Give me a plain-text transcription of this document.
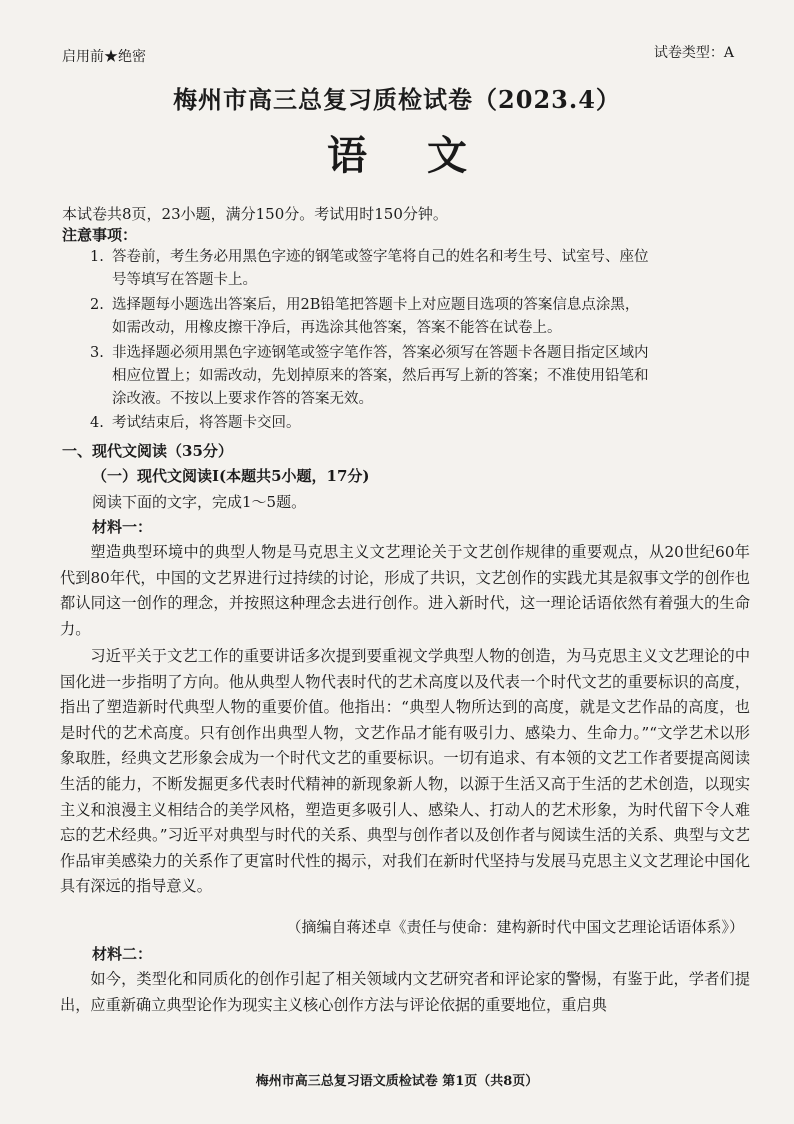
启用前★绝密	试卷类型：A
梅州市高三总复习质检试卷（2023.4）
语文
本试卷共8页，23小题，满分150分。考试用时150分钟。
注意事项：
1. 答卷前，考生务必用黑色字迹的钢笔或签字笔将自己的姓名和考生号、试室号、座位
号等填写在答题卡上。
2. 选择题每小题选出答案后，用2B铅笔把答题卡上对应题目选项的答案信息点涂黑，
如需改动，用橡皮擦干净后，再选涂其他答案，答案不能答在试卷上。
3. 非选择题必须用黑色字迹钢笔或签字笔作答，答案必须写在答题卡各题目指定区域内
相应位置上；如需改动，先划掉原来的答案，然后再写上新的答案；不准使用铅笔和
涂改液。不按以上要求作答的答案无效。
4. 考试结束后，将答题卡交回。
一、现代文阅读（35分）
（一）现代文阅读Ⅰ(本题共5小题，17分)
阅读下面的文字，完成1～5题。
材料一：

塑造典型环境中的典型人物是马克思主义文艺理论关于文艺创作规律的重要观点，从20世纪60年代到80年代，中国的文艺界进行过持续的讨论，形成了共识，文艺创作的实践尤其是叙事文学的创作也都认同这一创作的理念，并按照这种理念去进行创作。进入新时代，这一理论话语依然有着强大的生命力。

习近平关于文艺工作的重要讲话多次提到要重视文学典型人物的创造，为马克思主义文艺理论的中国化进一步指明了方向。他从典型人物代表时代的艺术高度以及代表一个时代文艺的重要标识的高度，指出了塑造新时代典型人物的重要价值。他指出：“典型人物所达到的高度，就是文艺作品的高度，也是时代的艺术高度。只有创作出典型人物，文艺作品才能有吸引力、感染力、生命力。”“文学艺术以形象取胜，经典文艺形象会成为一个时代文艺的重要标识。一切有追求、有本领的文艺工作者要提高阅读生活的能力，不断发掘更多代表时代精神的新现象新人物，以源于生活又高于生活的艺术创造，以现实主义和浪漫主义相结合的美学风格，塑造更多吸引人、感染人、打动人的艺术形象，为时代留下令人难忘的艺术经典。”习近平对典型与时代的关系、典型与创作者以及创作者与阅读生活的关系、典型与文艺作品审美感染力的关系作了更富时代性的揭示，对我们在新时代坚持与发展马克思主义文艺理论中国化具有深远的指导意义。

（摘编自蒋述卓《责任与使命：建构新时代中国文艺理论话语体系》）
材料二：

如今，类型化和同质化的创作引起了相关领域内文艺研究者和评论家的警惕，有鉴于此，学者们提出，应重新确立典型论作为现实主义核心创作方法与评论依据的重要地位，重启典

梅州市高三总复习语文质检试卷 第1页（共8页）
